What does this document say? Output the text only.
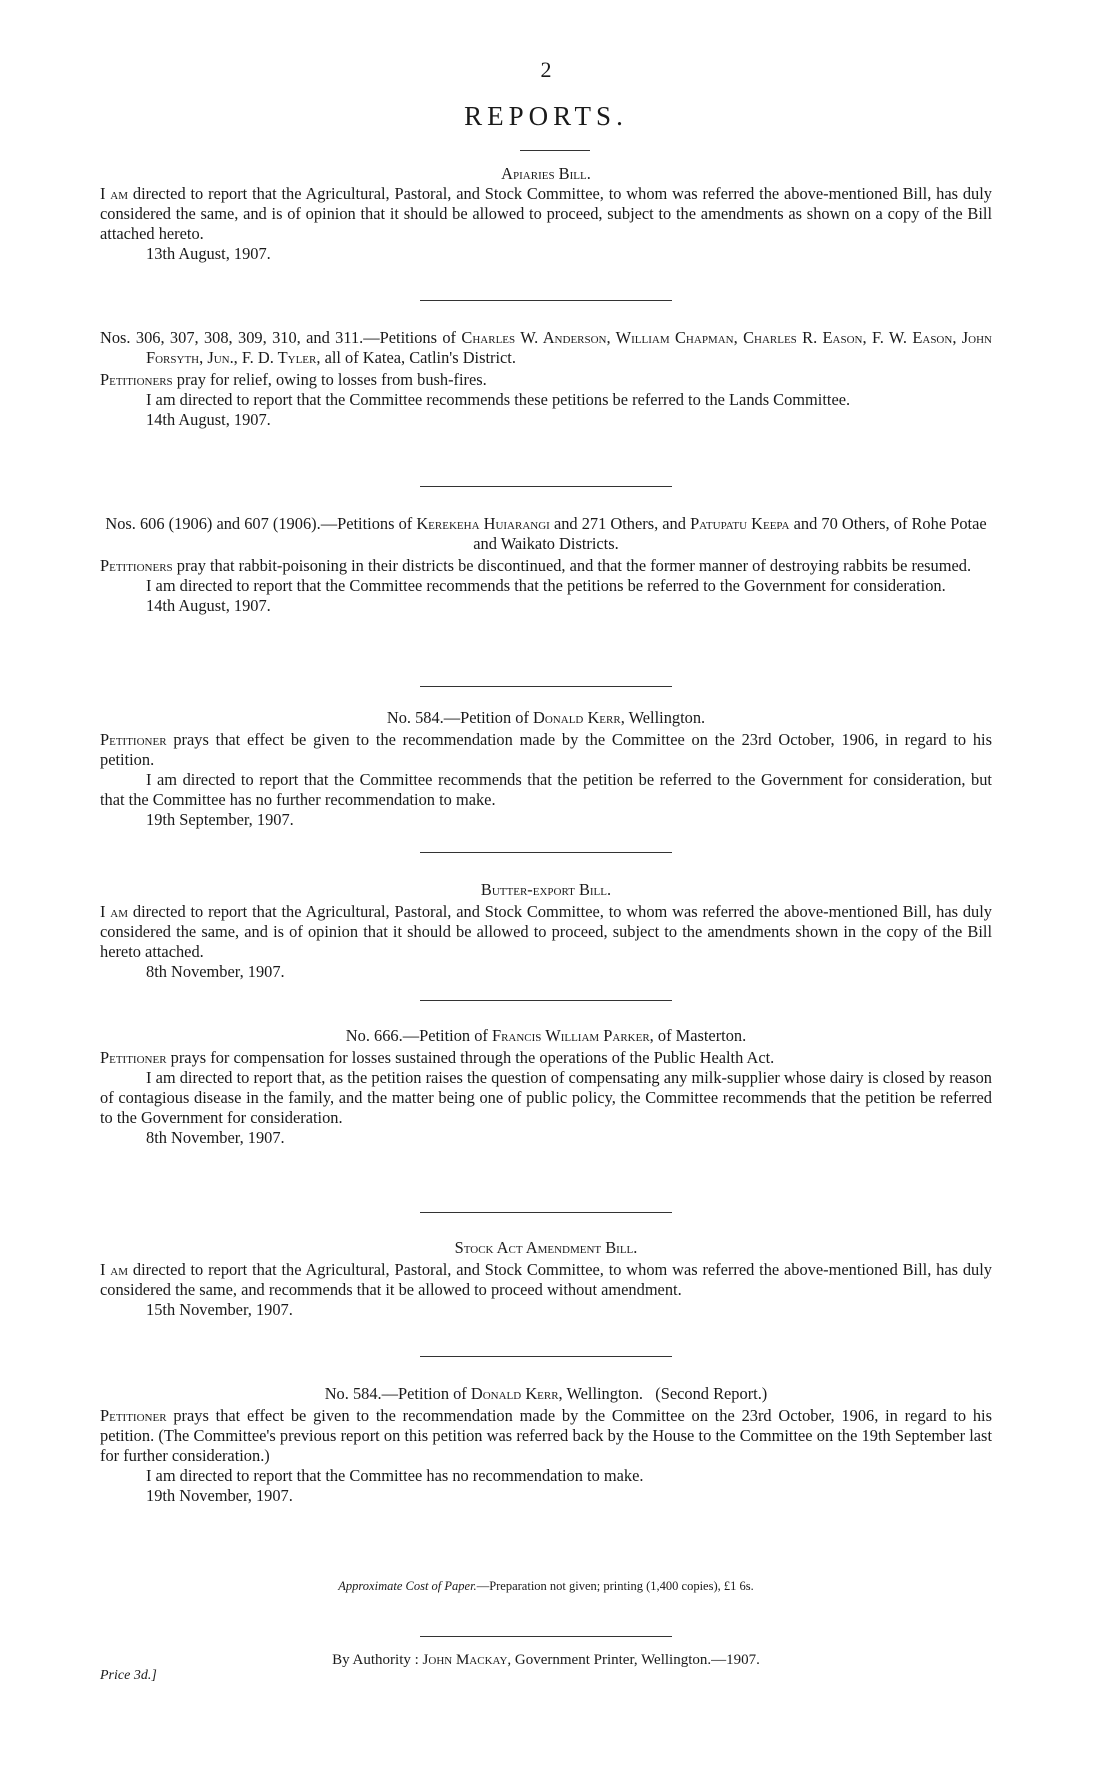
2
REPORTS.

Apiaries Bill.

I am directed to report that the Agricultural, Pastoral, and Stock Committee, to whom was referred the above-mentioned Bill, has duly considered the same, and is of opinion that it should be allowed to proceed, subject to the amendments as shown on a copy of the Bill attached hereto.

13th August, 1907.

Nos. 306, 307, 308, 309, 310, and 311.—Petitions of Charles W. Anderson, William Chapman, Charles R. Eason, F. W. Eason, John Forsyth, Jun., F. D. Tyler, all of Katea, Catlin's District.

Petitioners pray for relief, owing to losses from bush-fires.

I am directed to report that the Committee recommends these petitions be referred to the Lands Committee.

14th August, 1907.

Nos. 606 (1906) and 607 (1906).—Petitions of Kerekeha Huiarangi and 271 Others, and Patupatu Keepa and 70 Others, of Rohe Potae and Waikato Districts.

Petitioners pray that rabbit-poisoning in their districts be discontinued, and that the former manner of destroying rabbits be resumed.

I am directed to report that the Committee recommends that the petitions be referred to the Government for consideration.

14th August, 1907.

No. 584.—Petition of Donald Kerr, Wellington.

Petitioner prays that effect be given to the recommendation made by the Committee on the 23rd October, 1906, in regard to his petition.

I am directed to report that the Committee recommends that the petition be referred to the Government for consideration, but that the Committee has no further recommendation to make.

19th September, 1907.

Butter-export Bill.

I am directed to report that the Agricultural, Pastoral, and Stock Committee, to whom was referred the above-mentioned Bill, has duly considered the same, and is of opinion that it should be allowed to proceed, subject to the amendments shown in the copy of the Bill hereto attached.

8th November, 1907.

No. 666.—Petition of Francis William Parker, of Masterton.

Petitioner prays for compensation for losses sustained through the operations of the Public Health Act.

I am directed to report that, as the petition raises the question of compensating any milk-supplier whose dairy is closed by reason of contagious disease in the family, and the matter being one of public policy, the Committee recommends that the petition be referred to the Government for consideration.

8th November, 1907.

Stock Act Amendment Bill.

I am directed to report that the Agricultural, Pastoral, and Stock Committee, to whom was referred the above-mentioned Bill, has duly considered the same, and recommends that it be allowed to proceed without amendment.

15th November, 1907.

No. 584.—Petition of Donald Kerr, Wellington.   (Second Report.)

Petitioner prays that effect be given to the recommendation made by the Committee on the 23rd October, 1906, in regard to his petition. (The Committee's previous report on this petition was referred back by the House to the Committee on the 19th September last for further consideration.)

I am directed to report that the Committee has no recommendation to make.

19th November, 1907.

Approximate Cost of Paper.—Preparation not given; printing (1,400 copies), £1 6s.
By Authority : John Mackay, Government Printer, Wellington.—1907.
Price 3d.]
